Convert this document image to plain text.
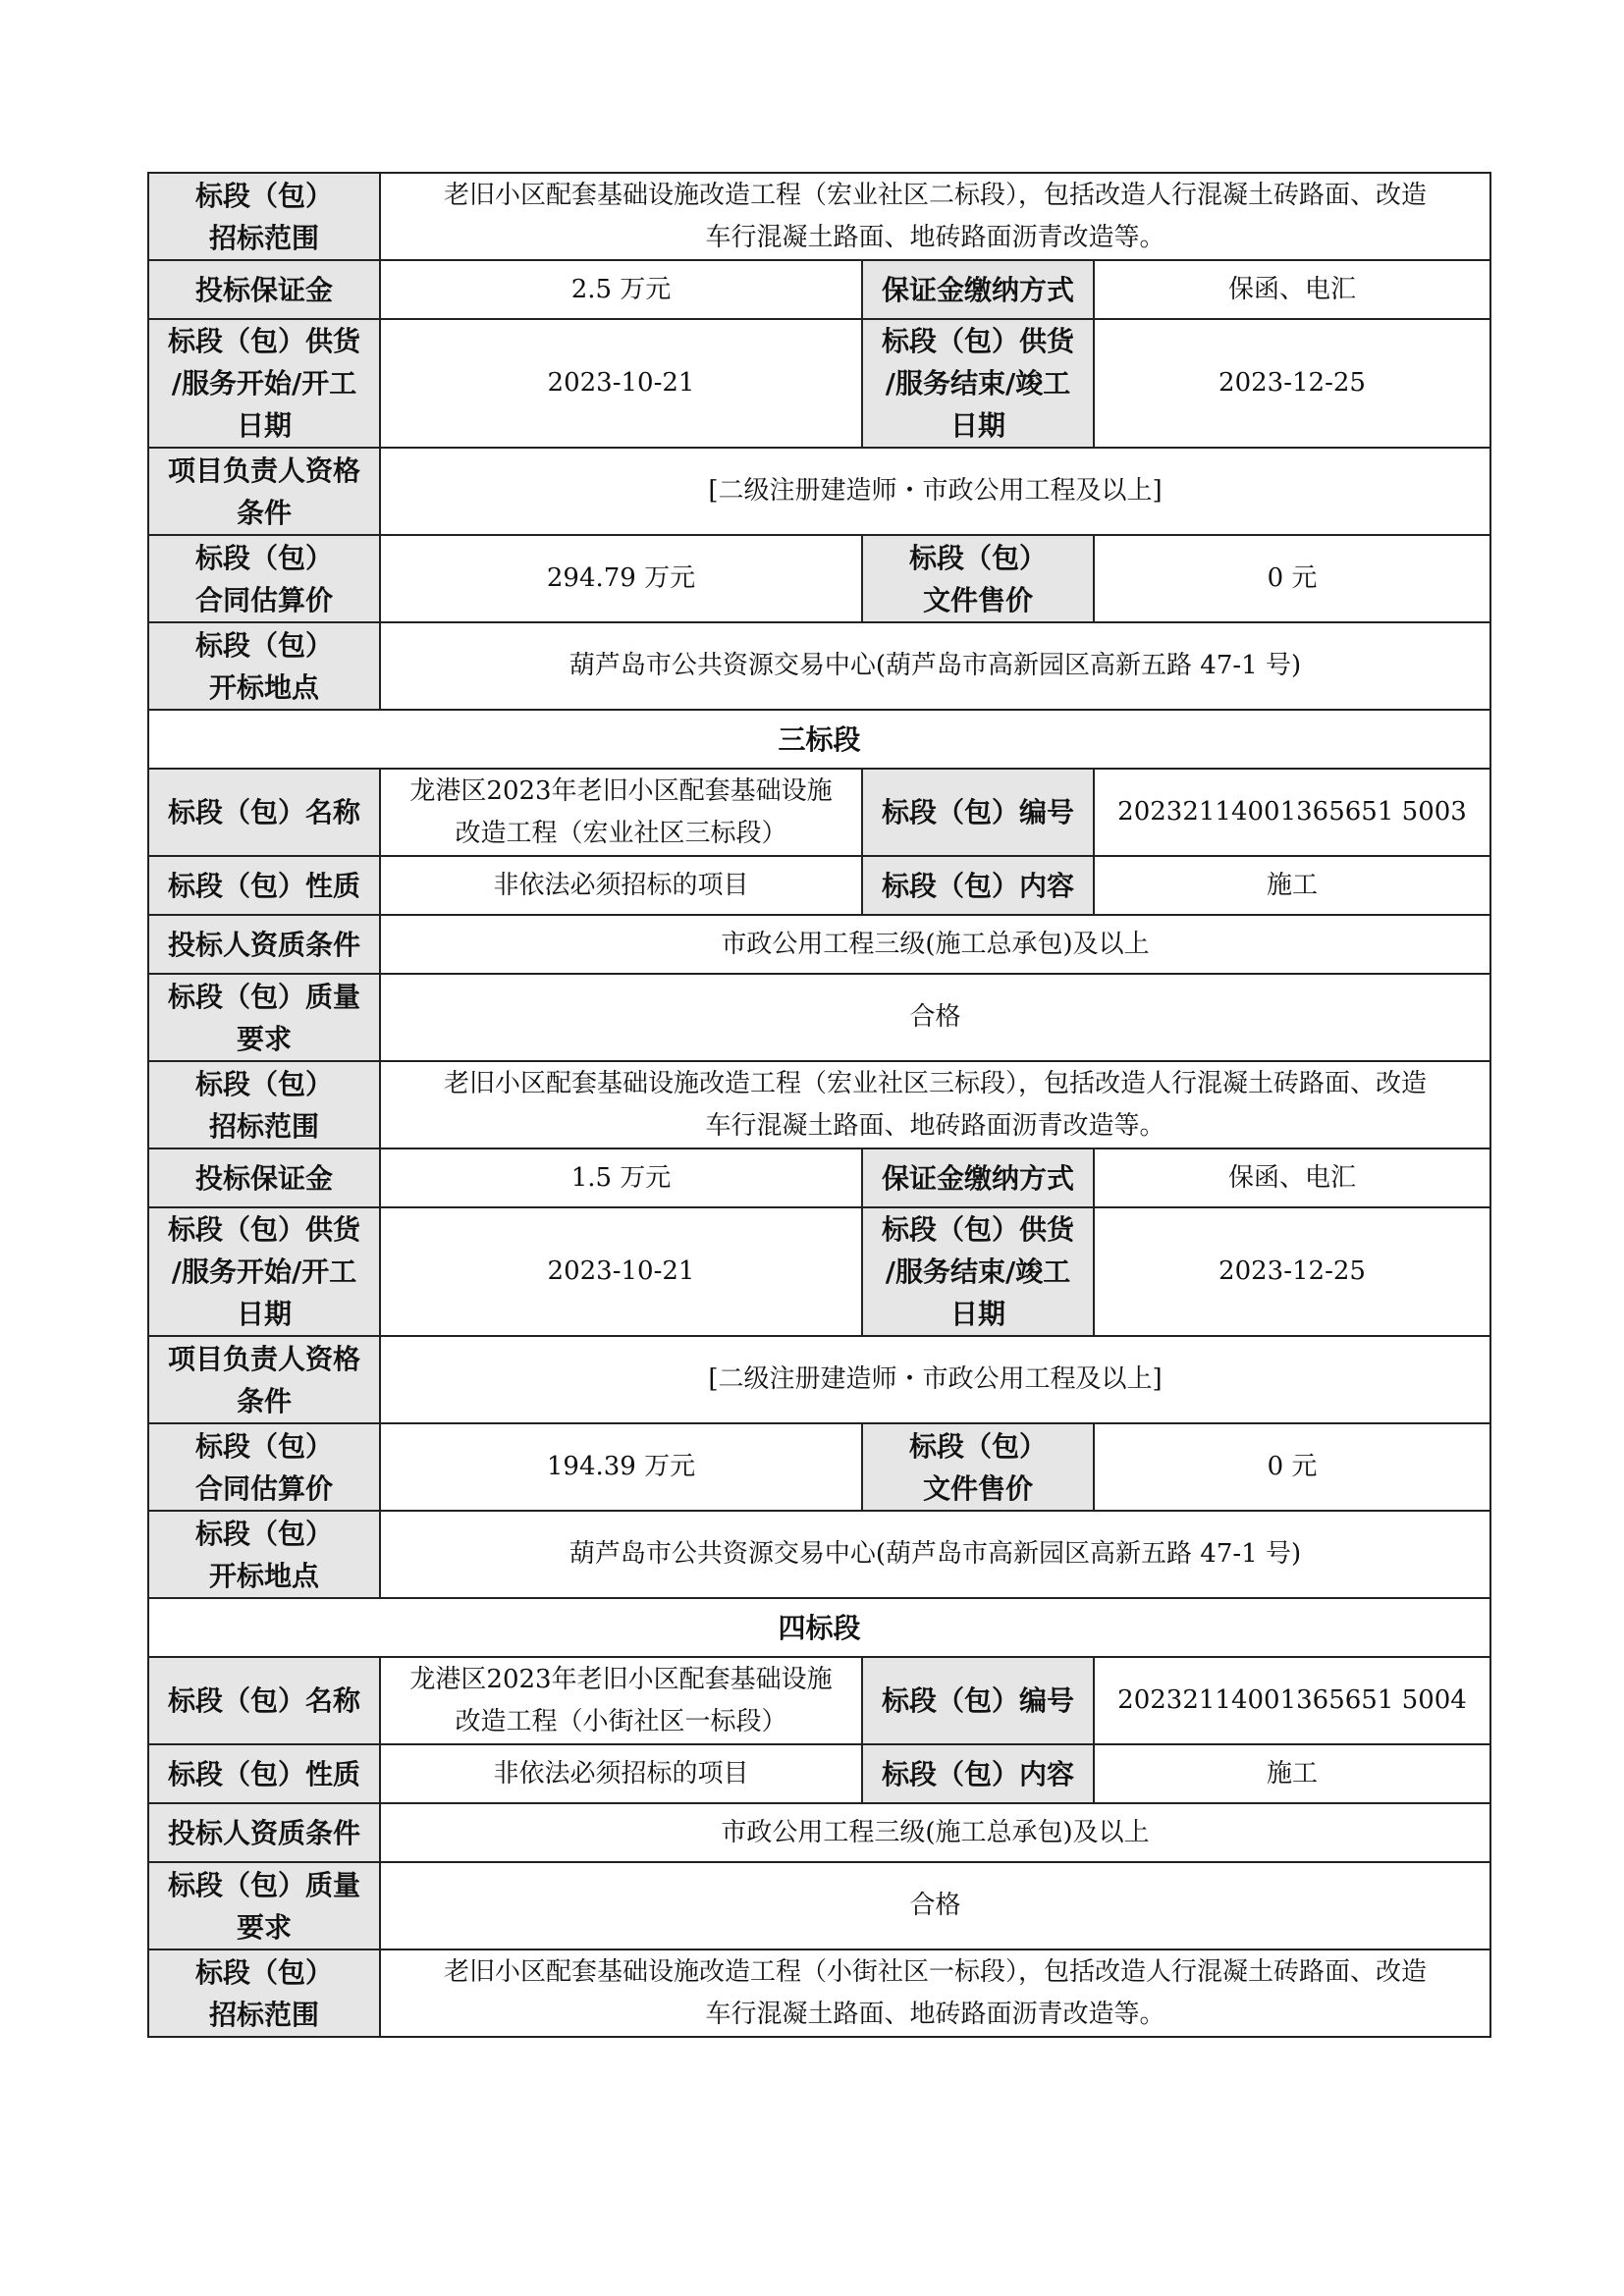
标段（包）
招标范围	老旧小区配套基础设施改造工程（宏业社区二标段），包括改造人行混凝土砖路面、改造
车行混凝土路面、地砖路面沥青改造等。		

投标保证金	2.5 万元	保证金缴纳方式	保函、电汇

标段（包）供货
/服务开始/开工
日期	2023-10-21	标段（包）供货
/服务结束/竣工
日期	2023-12-25

项目负责人资格
条件	[二级注册建造师・市政公用工程及以上]		

标段（包）
合同估算价	294.79 万元	标段（包）
文件售价	0 元

标段（包）
开标地点	葫芦岛市公共资源交易中心(葫芦岛市高新园区高新五路 47-1 号)		
三标段			
标段（包）名称	龙港区2023年老旧小区配套基础设施
改造工程（宏业社区三标段）	标段（包）编号	20232114001365651 5003
标段（包）性质	非依法必须招标的项目	标段（包）内容	施工
投标人资质条件	市政公用工程三级(施工总承包)及以上		

标段（包）质量
要求	合格		

标段（包）
招标范围	老旧小区配套基础设施改造工程（宏业社区三标段），包括改造人行混凝土砖路面、改造
车行混凝土路面、地砖路面沥青改造等。		

投标保证金	1.5 万元	保证金缴纳方式	保函、电汇

标段（包）供货
/服务开始/开工
日期	2023-10-21	标段（包）供货
/服务结束/竣工
日期	2023-12-25

项目负责人资格
条件	[二级注册建造师・市政公用工程及以上]		

标段（包）
合同估算价	194.39 万元	标段（包）
文件售价	0 元

标段（包）
开标地点	葫芦岛市公共资源交易中心(葫芦岛市高新园区高新五路 47-1 号)		
四标段			
标段（包）名称	龙港区2023年老旧小区配套基础设施
改造工程（小街社区一标段）	标段（包）编号	20232114001365651 5004
标段（包）性质	非依法必须招标的项目	标段（包）内容	施工
投标人资质条件	市政公用工程三级(施工总承包)及以上		

标段（包）质量
要求	合格		

标段（包）
招标范围	老旧小区配套基础设施改造工程（小街社区一标段），包括改造人行混凝土砖路面、改造
车行混凝土路面、地砖路面沥青改造等。		
